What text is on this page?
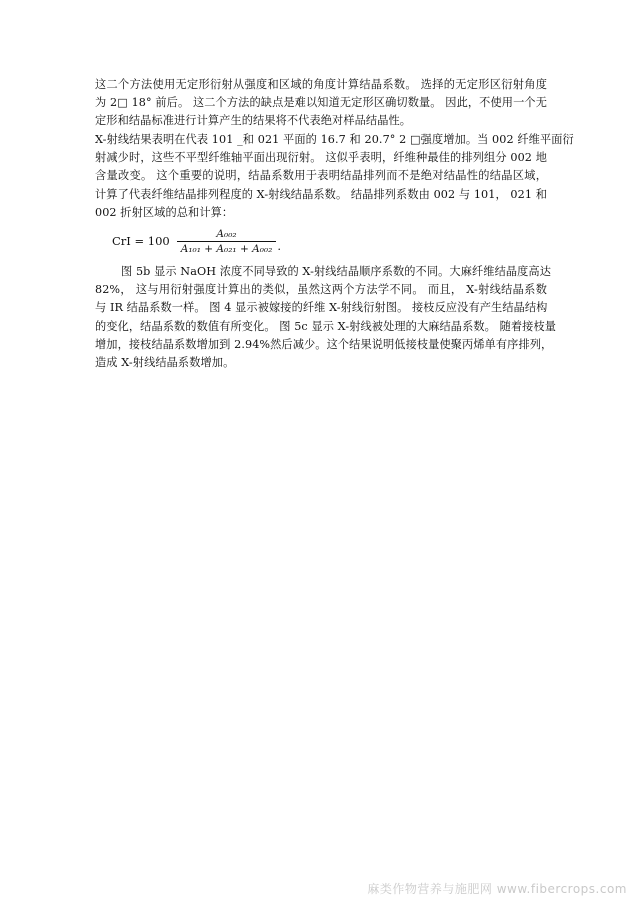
这二个方法使用无定形衍射从强度和区域的角度计算结晶系数。 选择的无定形区衍射角度
为 2□ 18° 前后。 这二个方法的缺点是难以知道无定形区确切数量。 因此，不使用一个无
定形和结晶标准进行计算产生的结果将不代表绝对样品结晶性。
X-射线结果表明在代表 101 _和 021 平面的 16.7 和 20.7° 2 □强度增加。当 002 纤维平面衍
射减少时，这些不平型纤维轴平面出现衍射。 这似乎表明，纤维种最佳的排列组分 002 地
含量改变。 这个重要的说明，结晶系数用于表明结晶排列而不是绝对结晶性的结晶区域，
计算了代表纤维结晶排列程度的 X-射线结晶系数。 结晶排列系数由 002 与 101， 021 和
002 折射区域的总和计算：
CrI = $100 \frac{\text{A₀₀₂}}{\text{A₁₀₁ + A₀₂₁ + A₀₀₂}}$ .
图 5b 显示 NaOH 浓度不同导致的 X-射线结晶顺序系数的不同。大麻纤维结晶度高达
82%， 这与用衍射强度计算出的类似，虽然这两个方法学不同。 而且， X-射线结晶系数
与 IR 结晶系数一样。 图 4 显示被嫁接的纤维 X-射线衍射图。 接枝反应没有产生结晶结构
的变化，结晶系数的数值有所变化。 图 5c 显示 X-射线被处理的大麻结晶系数。 随着接枝量
增加，接枝结晶系数增加到 2.94%然后减少。这个结果说明低接枝量使聚丙烯单有序排列，
造成 X-射线结晶系数增加。
麻类作物营养与施肥网 www.fibercrops.com
